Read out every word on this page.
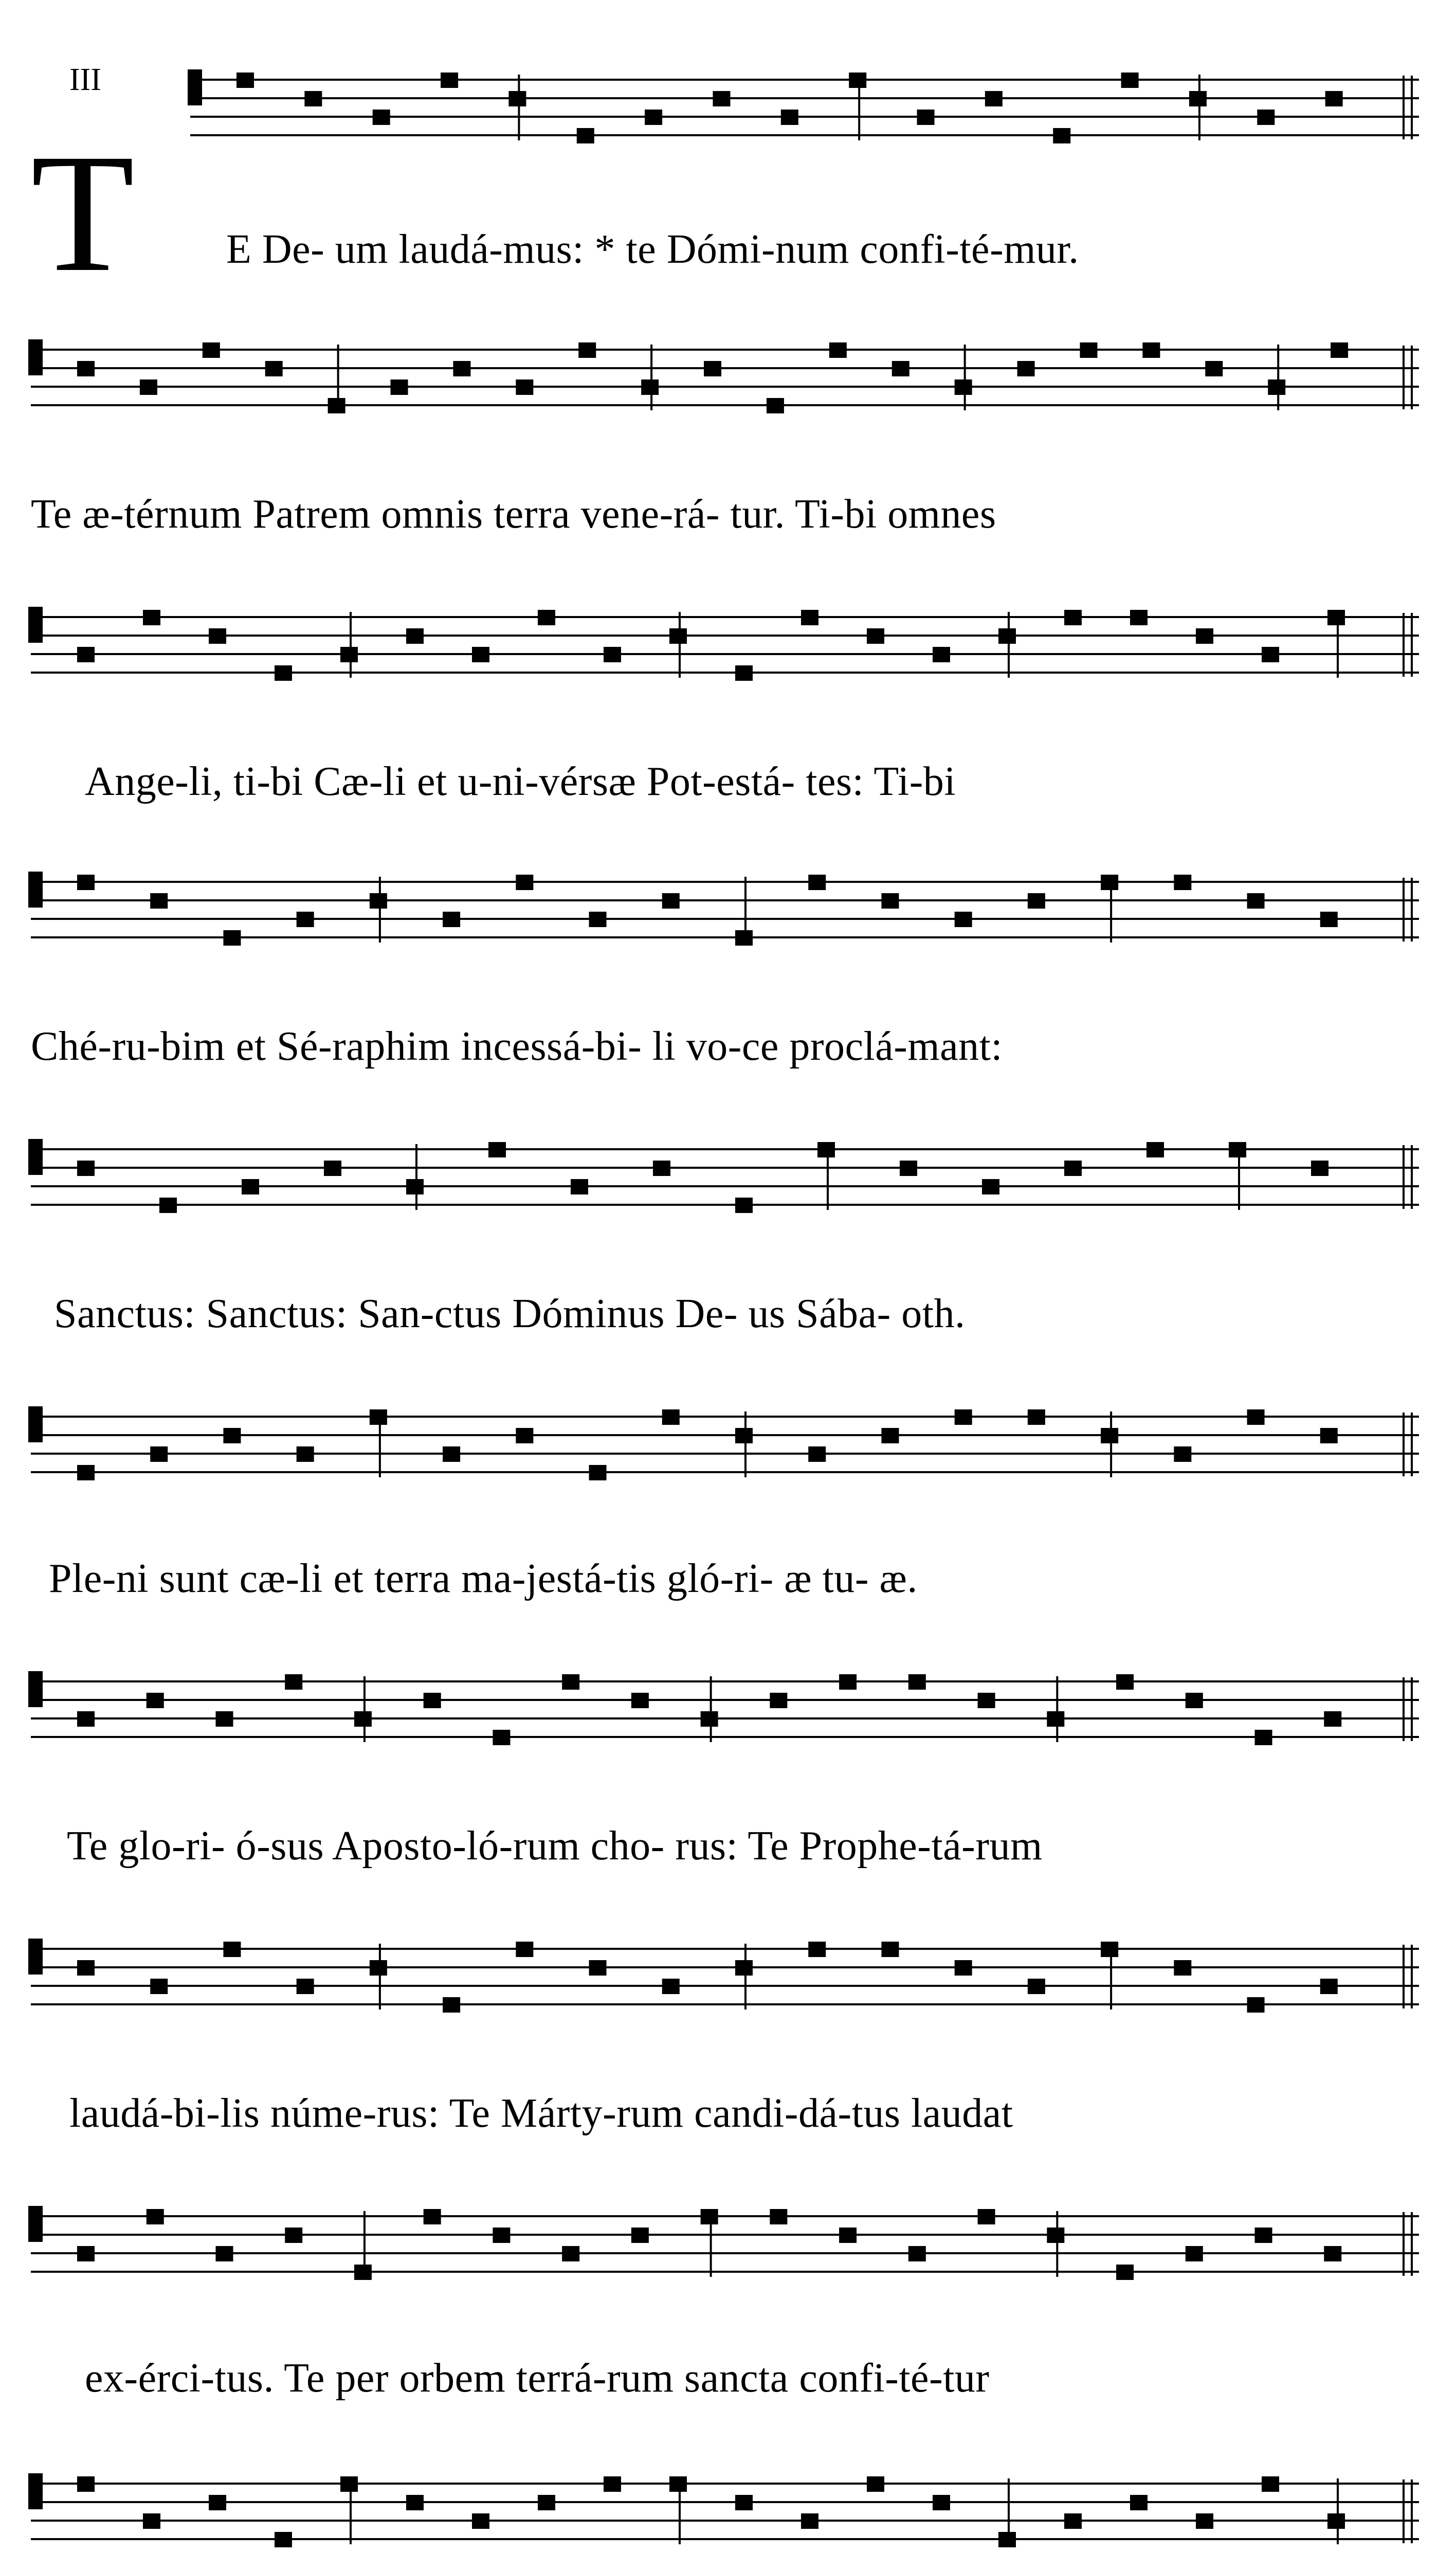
III
T E De- um laudá-mus: * te Dómi-num confi-té-mur.
Te æ-térnum Patrem omnis terra vene-rá- tur. Ti-bi omnes
Ange-li, ti-bi Cæ-li et u-ni-vérsæ Pot-está- tes: Ti-bi
Ché-ru-bim et Sé-raphim incessá-bi- li vo-ce proclá-mant:
Sanctus: Sanctus: San-ctus Dóminus De- us Sába- oth.
Ple-ni sunt cæ-li et terra ma-jestá-tis gló-ri- æ tu- æ.
Te glo-ri- ó-sus Aposto-ló-rum cho- rus: Te Prophe-tá-rum
laudá-bi-lis núme-rus: Te Márty-rum candi-dá-tus laudat
ex-érci-tus. Te per orbem terrá-rum sancta confi-té-tur
